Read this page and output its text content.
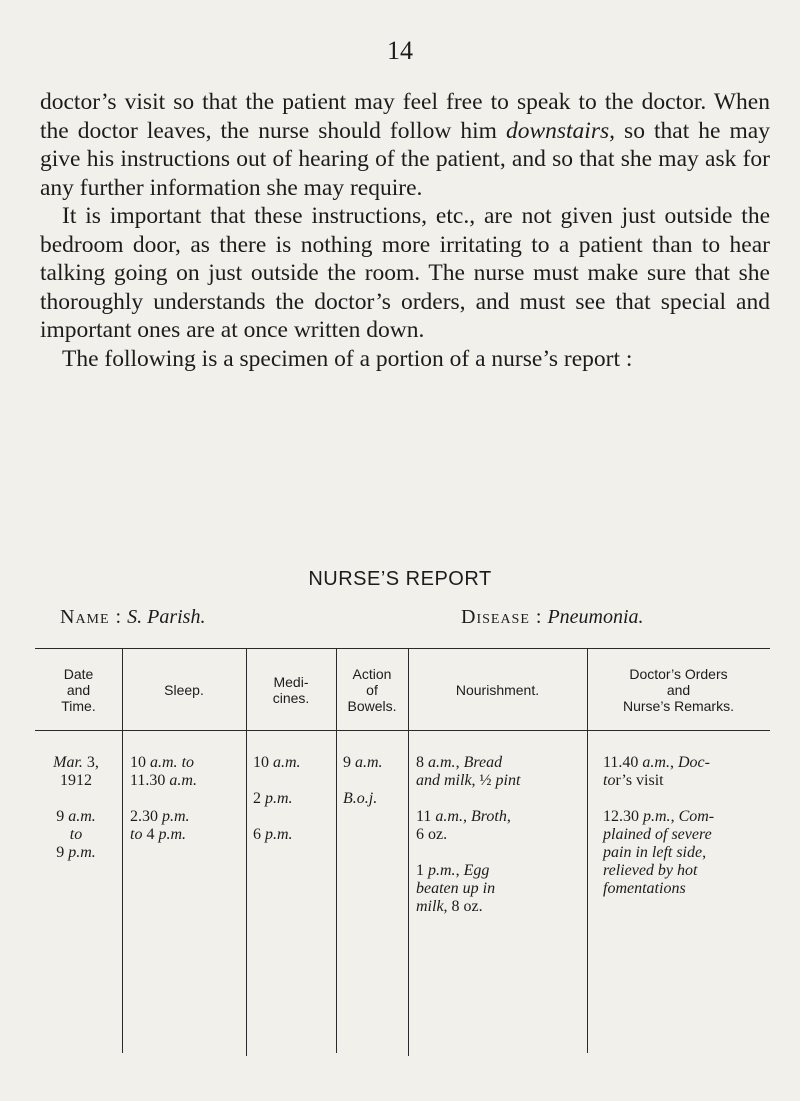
14

doctor’s visit so that the patient may feel free to speak to the doctor. When the doctor leaves, the nurse should follow him downstairs, so that he may give his instructions out of hearing of the patient, and so that she may ask for any further information she may require.

It is important that these instructions, etc., are not given just outside the bedroom door, as there is nothing more irritating to a patient than to hear talking going on just outside the room. The nurse must make sure that she thoroughly understands the doctor’s orders, and must see that special and important ones are at once written down.

The following is a specimen of a portion of a nurse’s report :

NURSE’S REPORT
Name : S. Parish.	Disease : Pneumonia.
Date
and
Time.
Sleep.	Medi-
cines.
Action
of
Bowels.
Nourishment.
Doctor’s Orders
and
Nurse’s Remarks.
Mar. 3,
1912

9 a.m.
to
9 p.m.
10 a.m. to
11.30 a.m.

2.30 p.m.
to 4 p.m.
10 a.m.

2 p.m.

6 p.m.
9 a.m.

B.o.j.
8 a.m., Bread
and milk, ½ pint

11 a.m., Broth,
6 oz.

1 p.m., Egg
beaten up in
milk, 8 oz.
11.40 a.m., Doc-
tor’s visit

12.30 p.m., Com-
plained of severe
pain in left side,
relieved by hot
fomentations
